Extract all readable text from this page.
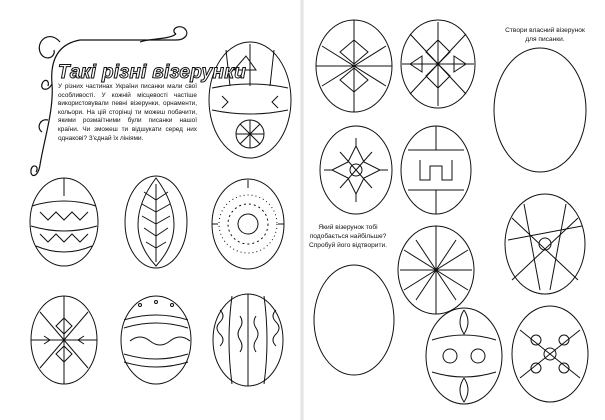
Такі різні візерунки
У різних частинах України писанки мали свої особливості. У кожній місцевості частіше використовували певні візерунки, орнаменти, кольори. На цій сторінці ти можеш побачити, якими розмаїтними були писанки нашої країни. Чи зможеш ти відшукати серед них однакові? З'єднай їх лініями.
Створи власний візерунок для писанки.
Який візерунок тобі подобається найбільше? Спробуй його відтворити.
